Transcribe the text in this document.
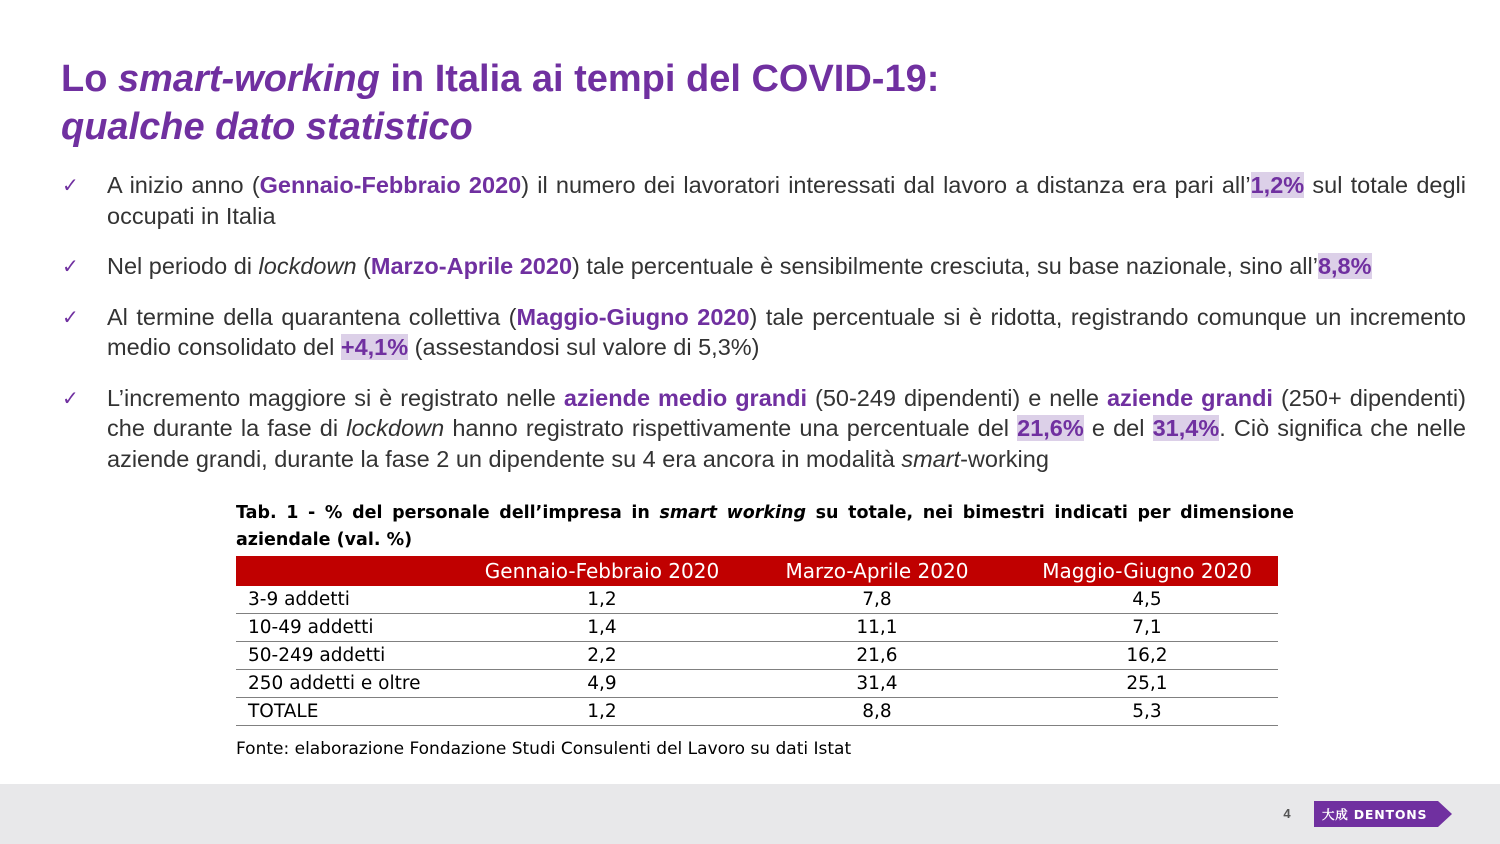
Lo smart-working in Italia ai tempi del COVID-19:
qualche dato statistico
✓ A inizio anno (Gennaio-Febbraio 2020) il numero dei lavoratori interessati dal lavoro a distanza era pari all’1,2% sul totale degli occupati in Italia
✓ Nel periodo di lockdown (Marzo-Aprile 2020) tale percentuale è sensibilmente cresciuta, su base nazionale, sino all’8,8%
✓ Al termine della quarantena collettiva (Maggio-Giugno 2020) tale percentuale si è ridotta, registrando comunque un incremento medio consolidato del +4,1% (assestandosi sul valore di 5,3%)
✓ L’incremento maggiore si è registrato nelle aziende medio grandi (50-249 dipendenti) e nelle aziende grandi (250+ dipendenti) che durante la fase di lockdown hanno registrato rispettivamente una percentuale del 21,6% e del 31,4%. Ciò significa che nelle aziende grandi, durante la fase 2 un dipendente su 4 era ancora in modalità smart-working

Tab. 1 - % del personale dell’impresa in smart working su totale, nei bimestri indicati per dimensione aziendale (val. %)

	Gennaio-Febbraio 2020	Marzo-Aprile 2020	Maggio-Giugno 2020
3-9 addetti	1,2	7,8	4,5
10-49 addetti	1,4	11,1	7,1
50-249 addetti	2,2	21,6	16,2
250 addetti e oltre	4,9	31,4	25,1
TOTALE	1,2	8,8	5,3

Fonte: elaborazione Fondazione Studi Consulenti del Lavoro su dati Istat

4	大成 DENTONS
